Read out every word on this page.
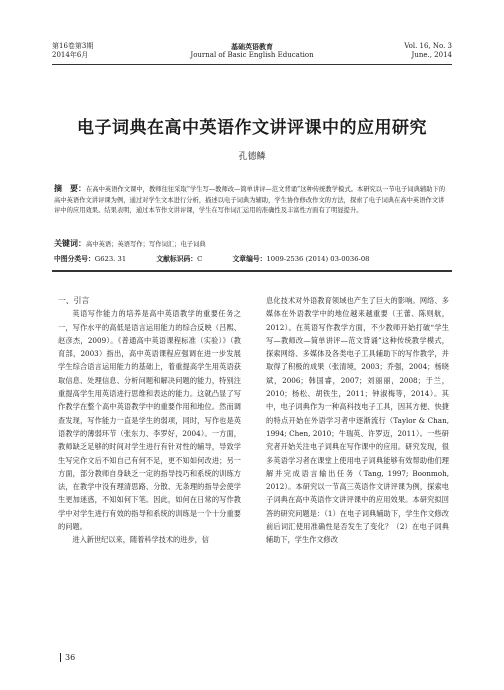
第16卷第3期
2014年6月
基础英语教育
Journal of Basic English Education
Vol. 16, No. 3
June., 2014
电子词典在高中英语作文讲评课中的应用研究
孔德鳞
摘　要：在高中英语作文课中，教师往往采取“学生写—教师改—简单讲评—范文背诵”这种传统教学模式。本研究以一节电子词典辅助下的高中英语作文讲评课为例，通过对学生文本进行分析，描述以电子词典为辅助，学生协作修改作文的方法，探索了电子词典在高中英语作文讲评中的应用效果。结果表明，通过本节作文讲评课，学生在写作词汇运用的准确性及丰富性方面有了明显提升。
关键词：高中英语；英语写作；写作词汇；电子词典
中图分类号：G623. 31	文献标识码：C	文章编号：1009-2536 (2014) 03-0036-08
一、引言

英语写作能力的培养是高中英语教学的重要任务之一，写作水平的高低是语言运用能力的综合反映（吕熙、赵彦杰，2009）。《普通高中英语课程标准（实验）》（教育部，2003）指出，高中英语课程应强调在进一步发展学生综合语言运用能力的基础上，着重提高学生用英语获取信息、处理信息、分析问题和解决问题的能力，特别注重提高学生用英语进行思维和表达的能力。这就凸显了写作教学在整个高中英语教学中的重要作用和地位。然而调查发现，写作能力一直是学生的弱项，同时，写作也是英语教学的薄弱环节（张东力、李罗好，2004）。一方面，教师缺乏足够的时间对学生进行有针对性的辅导，导致学生写完作文后不知自己有何不足，更不知如何改进；另一方面，部分教师自身缺乏一定的指导技巧和系统的训练方法，在教学中没有理清思路、分散、无条理的指导会使学生更加迷惑，不知如何下笔。因此，如何在日常的写作教学中对学生进行有效的指导和系统的训练是一个十分重要的问题。

进入新世纪以来，随着科学技术的进步，信

息化技术对外语教育领域也产生了巨大的影响。网络、多媒体在外语教学中的地位越来越重要（王蕾、陈则航，2012）。在英语写作教学方面，不少教师开始打破“学生写—教师改—简单讲评—范文背诵”这种传统教学模式，探索网络、多媒体及各类电子工具辅助下的写作教学，并取得了积极的成果（张清境，2003；乔强，2004；杨晓斌，2006；韩国睿，2007；刘丽丽，2008；于兰，2010；杨松、胡铁生，2011；钟淑梅等，2014）。其中，电子词典作为一种高科技电子工具，因其方便、快捷的特点开始在外语学习者中逐渐流行（Taylor & Chan, 1994; Chen, 2010；牛瑞英、许罗迈，2011）。一些研究者开始关注电子词典在写作课中的应用。研究发现，很多英语学习者在课堂上使用电子词典能够有效帮助他们理解并完成语言输出任务（Tang, 1997; Boonmoh, 2012）。本研究以一节高三英语作文讲评课为例，探索电子词典在高中英语作文讲评课中的应用效果。本研究拟回答的研究问题是：（1）在电子词典辅助下，学生作文修改前后词汇使用准确性是否发生了变化？（2）在电子词典辅助下，学生作文修改

36
